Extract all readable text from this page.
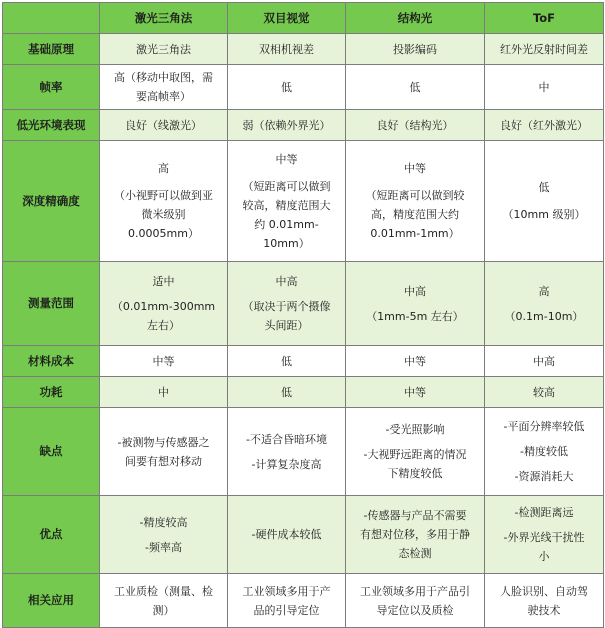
	激光三角法	双目视觉	结构光	ToF
基础原理	激光三角法	双相机视差	投影编码	红外光反射时间差

帧率	高（移动中取图，需
要高帧率）	低	低	中

低光环境表现	良好（线激光）	弱（依赖外界光）	良好（结构光）	良好（红外激光）

深度精确度	高
（小视野可以做到亚
微米级别
0.0005mm）	中等
（短距离可以做到
较高，精度范围大
约 0.01mm-
10mm）	中等
（短距离可以做到较
高，精度范围大约
0.01mm-1mm）	低
（10mm 级别）

测量范围	适中
（0.01mm-300mm
左右）	中高
（取决于两个摄像
头间距）	中高
（1mm-5m 左右）	高
（0.1m-10m）

材料成本	中等	低	中等	中高

功耗	中	低	中等	较高

缺点	-被测物与传感器之
间要有想对移动	-不适合昏暗环境
-计算复杂度高	-受光照影响
-大视野远距离的情况
下精度较低	-平面分辨率较低
-精度较低
-资源消耗大

优点	-精度较高
-频率高	-硬件成本较低	-传感器与产品不需要
有想对位移，多用于静
态检测	-检测距离远
-外界光线干扰性
小

相关应用	工业质检（测量、检
测）	工业领域多用于产
品的引导定位	工业领域多用于产品引
导定位以及质检	人脸识别、自动驾
驶技术
